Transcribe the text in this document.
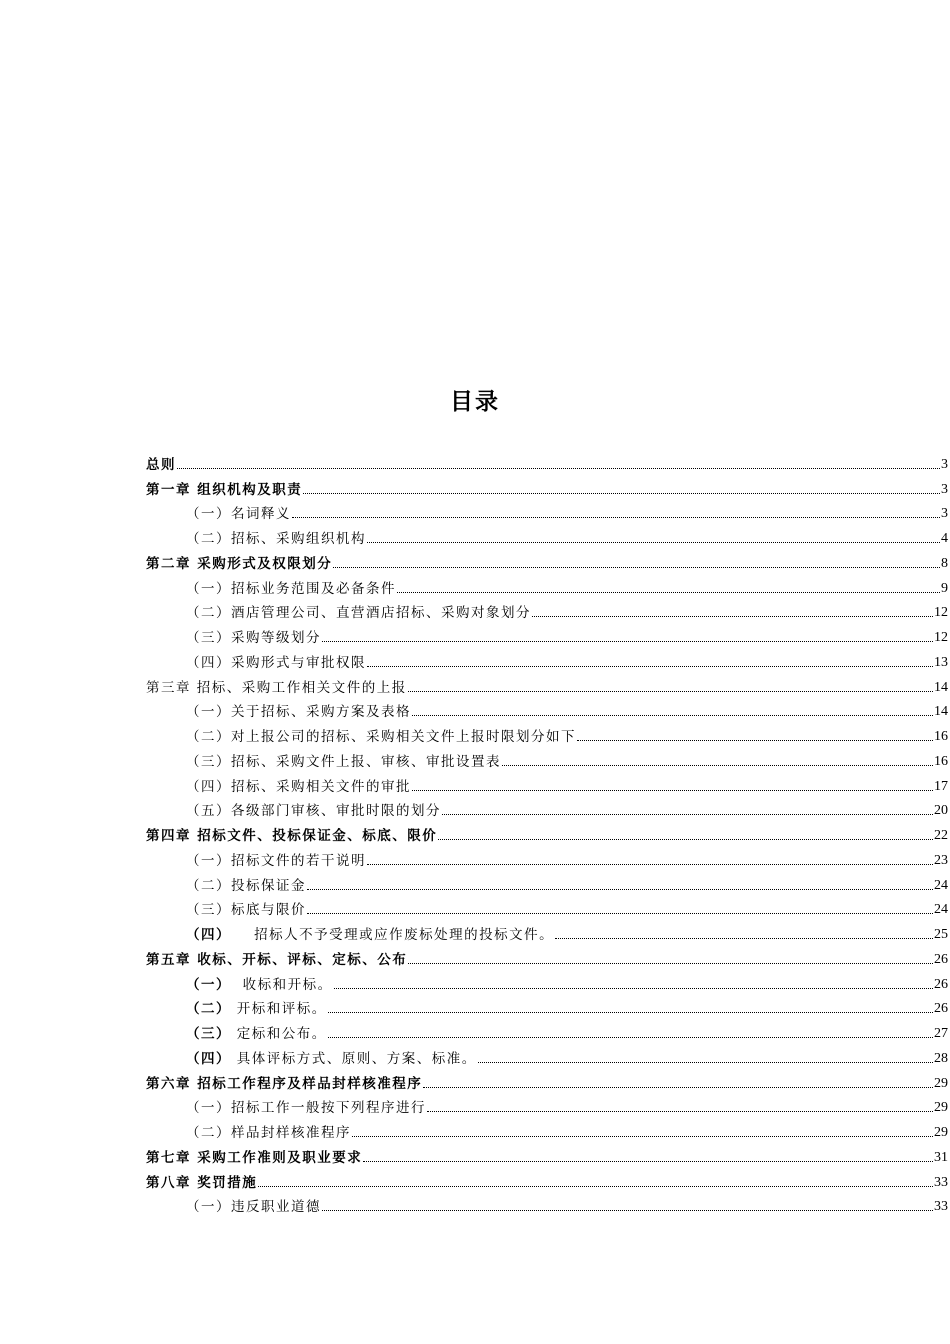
目录
总则	3
第一章 组织机构及职责	3
（一）名词释义	3
（二）招标、采购组织机构	4
第二章 采购形式及权限划分	8
（一）招标业务范围及必备条件	9
（二）酒店管理公司、直营酒店招标、采购对象划分	12
（三）采购等级划分	12
（四）采购形式与审批权限	13
第三章 招标、采购工作相关文件的上报	14
（一）关于招标、采购方案及表格	14
（二）对上报公司的招标、采购相关文件上报时限划分如下	16
（三）招标、采购文件上报、审核、审批设置表	16
（四）招标、采购相关文件的审批	17
（五）各级部门审核、审批时限的划分	20
第四章 招标文件、投标保证金、标底、限价	22
（一）招标文件的若干说明	23
（二）投标保证金	24
（三）标底与限价	24
（四）    招标人不予受理或应作废标处理的投标文件。	25
第五章 收标、开标、评标、定标、公布	26
（一）  收标和开标。	26
（二） 开标和评标。	26
（三） 定标和公布。	27
（四） 具体评标方式、原则、方案、标准。	28
第六章 招标工作程序及样品封样核准程序	29
（一）招标工作一般按下列程序进行	29
（二）样品封样核准程序	29
第七章 采购工作准则及职业要求	31
第八章 奖罚措施	33
（一）违反职业道德	33
